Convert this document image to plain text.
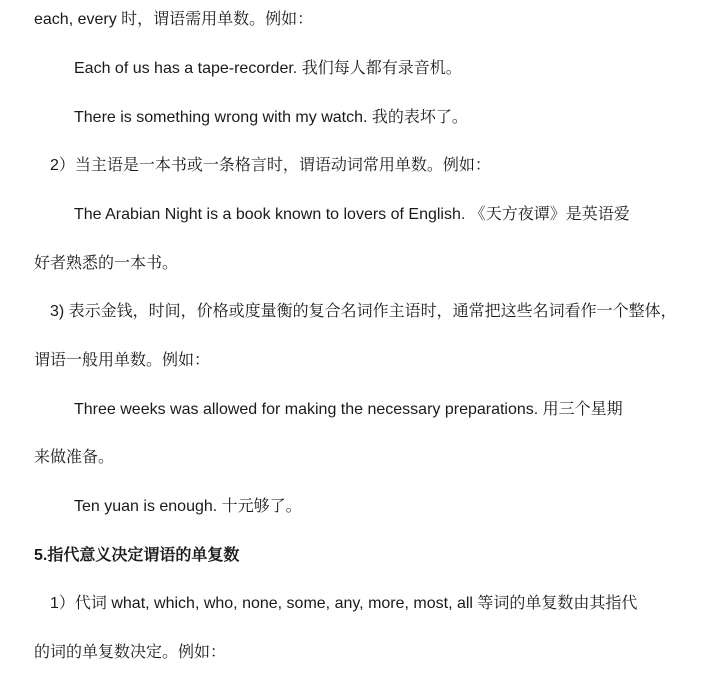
each, every 时，谓语需用单数。例如：
Each of us has a tape-recorder. 我们每人都有录音机。
There is something wrong with my watch. 我的表坏了。
2）当主语是一本书或一条格言时，谓语动词常用单数。例如：
The Arabian Night is a book known to lovers of English. 《天方夜谭》是英语爱
好者熟悉的一本书。
3) 表示金钱，时间，价格或度量衡的复合名词作主语时，通常把这些名词看作一个整体，
谓语一般用单数。例如：
Three weeks was allowed for making the necessary preparations. 用三个星期
来做准备。
Ten yuan is enough. 十元够了。
5.指代意义决定谓语的单复数
1）代词 what, which, who, none, some, any, more, most, all 等词的单复数由其指代
的词的单复数决定。例如：
